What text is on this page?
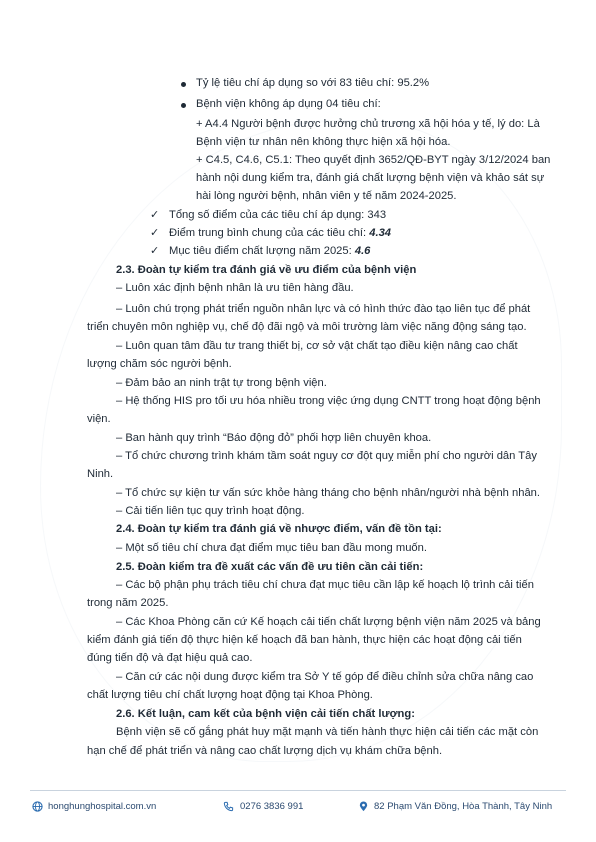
Tỷ lệ tiêu chí áp dụng so với 83 tiêu chí: 95.2%
Bệnh viện không áp dụng 04 tiêu chí:
+ A4.4 Người bệnh được hưởng chủ trương xã hội hóa y tế, lý do: Là
Bệnh viện tư nhân nên không thực hiện xã hội hóa.
+ C4.5, C4.6, C5.1: Theo quyết định 3652/QĐ-BYT ngày 3/12/2024 ban
hành nội dung kiểm tra, đánh giá chất lượng bệnh viện và khảo sát sự
hài lòng người bệnh, nhân viên y tế năm 2024-2025.
✓ Tổng số điểm của các tiêu chí áp dụng: 343
✓ Điểm trung bình chung của các tiêu chí: 4.34
✓ Mục tiêu điểm chất lượng năm 2025: 4.6
2.3. Đoàn tự kiểm tra đánh giá về ưu điểm của bệnh viện
– Luôn xác định bệnh nhân là ưu tiên hàng đầu.
– Luôn chú trọng phát triển nguồn nhân lực và có hình thức đào tạo liên tục để phát
triển chuyên môn nghiệp vụ, chế độ đãi ngộ và môi trường làm việc năng động sáng tạo.
– Luôn quan tâm đầu tư trang thiết bị, cơ sở vật chất tạo điều kiện nâng cao chất
lượng chăm sóc người bệnh.
– Đảm bảo an ninh trật tự trong bệnh viện.
– Hệ thống HIS pro tối ưu hóa nhiều trong việc ứng dụng CNTT trong hoạt động bệnh
viện.
– Ban hành quy trình “Báo động đỏ” phối hợp liên chuyên khoa.
– Tổ chức chương trình khám tầm soát nguy cơ đột quỵ miễn phí cho người dân Tây
Ninh.
– Tổ chức sự kiện tư vấn sức khỏe hàng tháng cho bệnh nhân/người nhà bệnh nhân.
– Cải tiến liên tục quy trình hoạt động.
2.4. Đoàn tự kiểm tra đánh giá về nhược điểm, vấn đề tồn tại:
– Một số tiêu chí chưa đạt điểm mục tiêu ban đầu mong muốn.
2.5. Đoàn kiểm tra đề xuất các vấn đề ưu tiên cần cải tiến:
– Các bộ phận phụ trách tiêu chí chưa đạt mục tiêu cần lập kế hoạch lộ trình cải tiến
trong năm 2025.
– Các Khoa Phòng căn cứ Kế hoạch cải tiến chất lượng bệnh viện năm 2025 và bảng
kiểm đánh giá tiến độ thực hiện kế hoạch đã ban hành, thực hiện các hoạt động cải tiến
đúng tiến độ và đạt hiệu quả cao.
– Căn cứ các nội dung được kiểm tra Sở Y tế góp để điều chỉnh sửa chữa nâng cao
chất lượng tiêu chí chất lượng hoạt động tại Khoa Phòng.
2.6. Kết luận, cam kết của bệnh viện cải tiến chất lượng:
Bệnh viện sẽ cố gắng phát huy mặt mạnh và tiến hành thực hiện cải tiến các mặt còn
hạn chế để phát triển và nâng cao chất lượng dịch vụ khám chữa bệnh.
honghunghospital.com.vn	0276 3836 991	82 Phạm Văn Đồng, Hòa Thành, Tây Ninh
